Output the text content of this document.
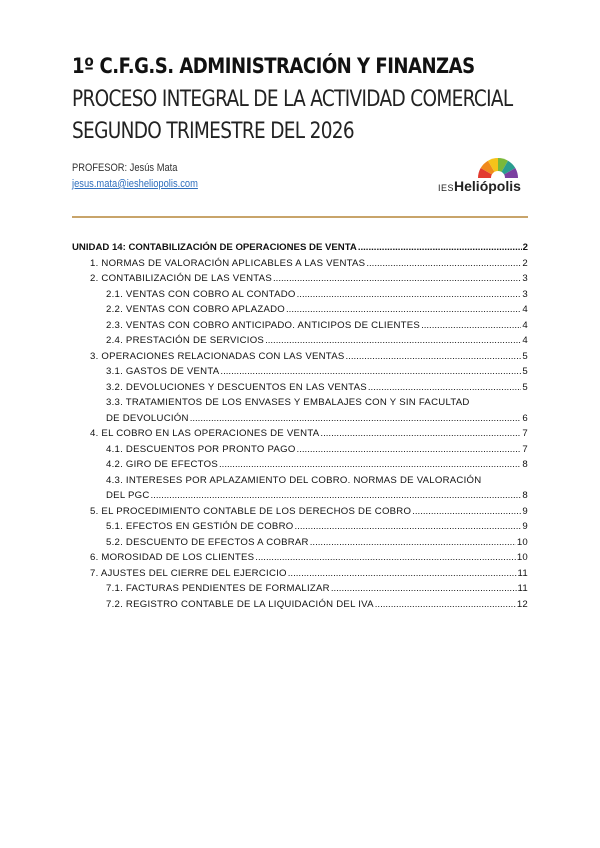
1º C.F.G.S. ADMINISTRACIÓN Y FINANZAS
PROCESO INTEGRAL DE LA ACTIVIDAD COMERCIAL
SEGUNDO TRIMESTRE DEL 2026
PROFESOR: Jesús Mata
jesus.mata@iesheliopolis.com	IESHeliópolis
UNIDAD 14: CONTABILIZACIÓN DE OPERACIONES DE VENTA .....	2
1. NORMAS DE VALORACIÓN APLICABLES A LAS VENTAS .....	2
2. CONTABILIZACIÓN DE LAS VENTAS .....	3
2.1. VENTAS CON COBRO AL CONTADO .....	3
2.2. VENTAS CON COBRO APLAZADO .....	4
2.3. VENTAS CON COBRO ANTICIPADO. ANTICIPOS DE CLIENTES .....	4
2.4. PRESTACIÓN DE SERVICIOS .....	4
3. OPERACIONES RELACIONADAS CON LAS VENTAS .....	5
3.1. GASTOS DE VENTA .....	5
3.2. DEVOLUCIONES Y DESCUENTOS EN LAS VENTAS .....	5
3.3. TRATAMIENTOS DE LOS ENVASES Y EMBALAJES CON Y SIN FACULTAD
DE DEVOLUCIÓN .....	6
4. EL COBRO EN LAS OPERACIONES DE VENTA .....	7
4.1. DESCUENTOS POR PRONTO PAGO .....	7
4.2. GIRO DE EFECTOS .....	8
4.3. INTERESES POR APLAZAMIENTO DEL COBRO. NORMAS DE VALORACIÓN
DEL PGC .....	8
5. EL PROCEDIMIENTO CONTABLE DE LOS DERECHOS DE COBRO .....	9
5.1. EFECTOS EN GESTIÓN DE COBRO .....	9
5.2. DESCUENTO DE EFECTOS A COBRAR .....	10
6. MOROSIDAD DE LOS CLIENTES .....	10
7. AJUSTES DEL CIERRE DEL EJERCICIO .....	11
7.1. FACTURAS PENDIENTES DE FORMALIZAR .....	11
7.2. REGISTRO CONTABLE DE LA LIQUIDACIÓN DEL IVA .....	12
